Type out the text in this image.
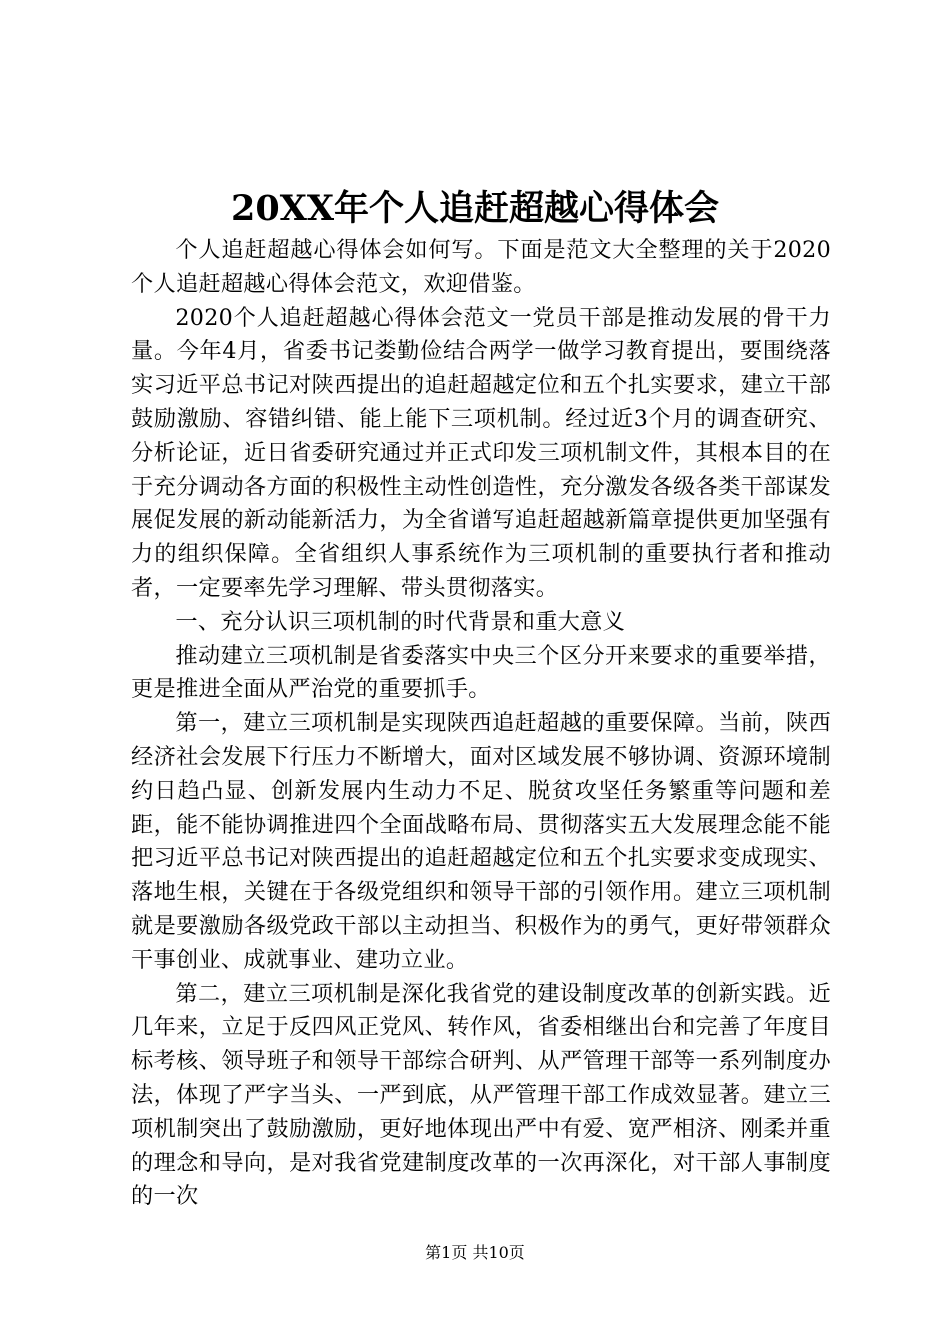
20XX年个人追赶超越心得体会

个人追赶超越心得体会如何写。下面是范文大全整理的关于2020个人追赶超越心得体会范文，欢迎借鉴。

2020个人追赶超越心得体会范文一党员干部是推动发展的骨干力量。今年4月，省委书记娄勤俭结合两学一做学习教育提出，要围绕落实习近平总书记对陕西提出的追赶超越定位和五个扎实要求，建立干部鼓励激励、容错纠错、能上能下三项机制。经过近3个月的调查研究、分析论证，近日省委研究通过并正式印发三项机制文件，其根本目的在于充分调动各方面的积极性主动性创造性，充分激发各级各类干部谋发展促发展的新动能新活力，为全省谱写追赶超越新篇章提供更加坚强有力的组织保障。全省组织人事系统作为三项机制的重要执行者和推动者，一定要率先学习理解、带头贯彻落实。

一、充分认识三项机制的时代背景和重大意义

推动建立三项机制是省委落实中央三个区分开来要求的重要举措，更是推进全面从严治党的重要抓手。

第一，建立三项机制是实现陕西追赶超越的重要保障。当前，陕西经济社会发展下行压力不断增大，面对区域发展不够协调、资源环境制约日趋凸显、创新发展内生动力不足、脱贫攻坚任务繁重等问题和差距，能不能协调推进四个全面战略布局、贯彻落实五大发展理念能不能把习近平总书记对陕西提出的追赶超越定位和五个扎实要求变成现实、落地生根，关键在于各级党组织和领导干部的引领作用。建立三项机制就是要激励各级党政干部以主动担当、积极作为的勇气，更好带领群众干事创业、成就事业、建功立业。

第二，建立三项机制是深化我省党的建设制度改革的创新实践。近几年来，立足于反四风正党风、转作风，省委相继出台和完善了年度目标考核、领导班子和领导干部综合研判、从严管理干部等一系列制度办法，体现了严字当头、一严到底，从严管理干部工作成效显著。建立三项机制突出了鼓励激励，更好地体现出严中有爱、宽严相济、刚柔并重的理念和导向，是对我省党建制度改革的一次再深化，对干部人事制度的一次

第1页 共10页
